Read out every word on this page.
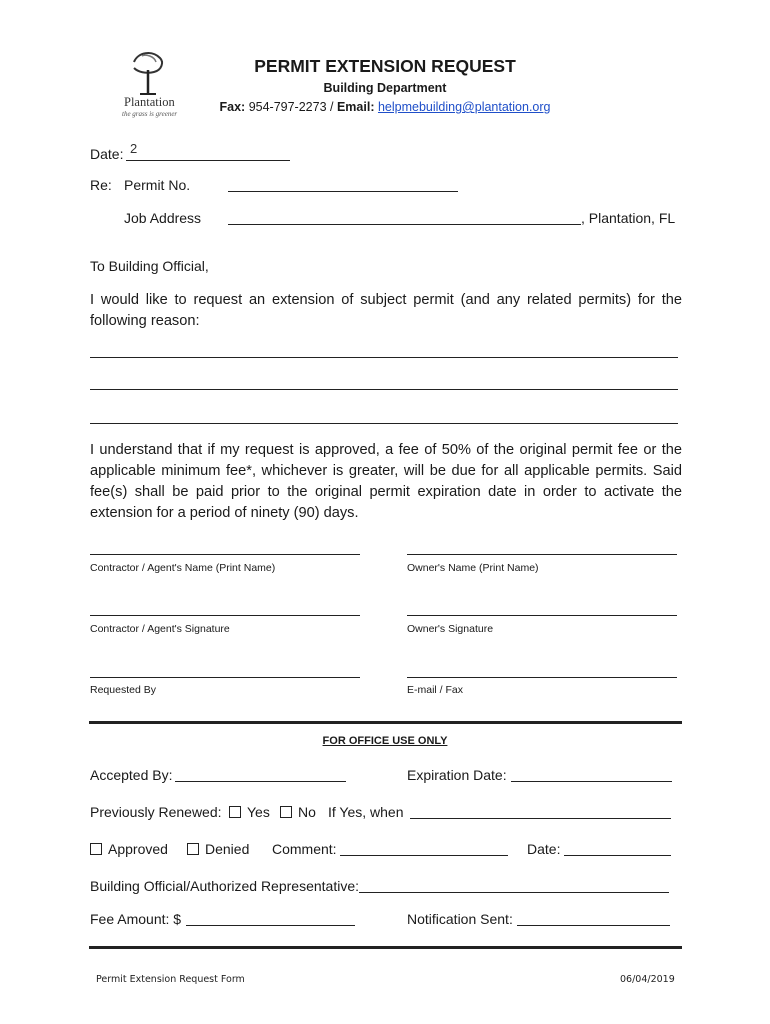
Plantation
the grass is greener
PERMIT EXTENSION REQUEST
Building Department
Fax: 954-797-2273 / Email: helpmebuilding@plantation.org
Date: 2
Re: Permit No.
Job Address	, Plantation, FL
To Building Official,
I would like to request an extension of subject permit (and any related permits) for the following reason:
I understand that if my request is approved, a fee of 50% of the original permit fee or the applicable minimum fee*, whichever is greater, will be due for all applicable permits. Said fee(s) shall be paid prior to the original permit expiration date in order to activate the extension for a period of ninety (90) days.
Contractor / Agent's Name (Print Name)	Owner's Name (Print Name)
Contractor / Agent's Signature	Owner's Signature
Requested By	E-mail / Fax
FOR OFFICE USE ONLY
Accepted By:	Expiration Date:
Previously Renewed:	Yes	No If Yes, when
Approved	Denied Comment:	Date:
Building Official/Authorized Representative:
Fee Amount: $	Notification Sent:
Permit Extension Request Form	06/04/2019
